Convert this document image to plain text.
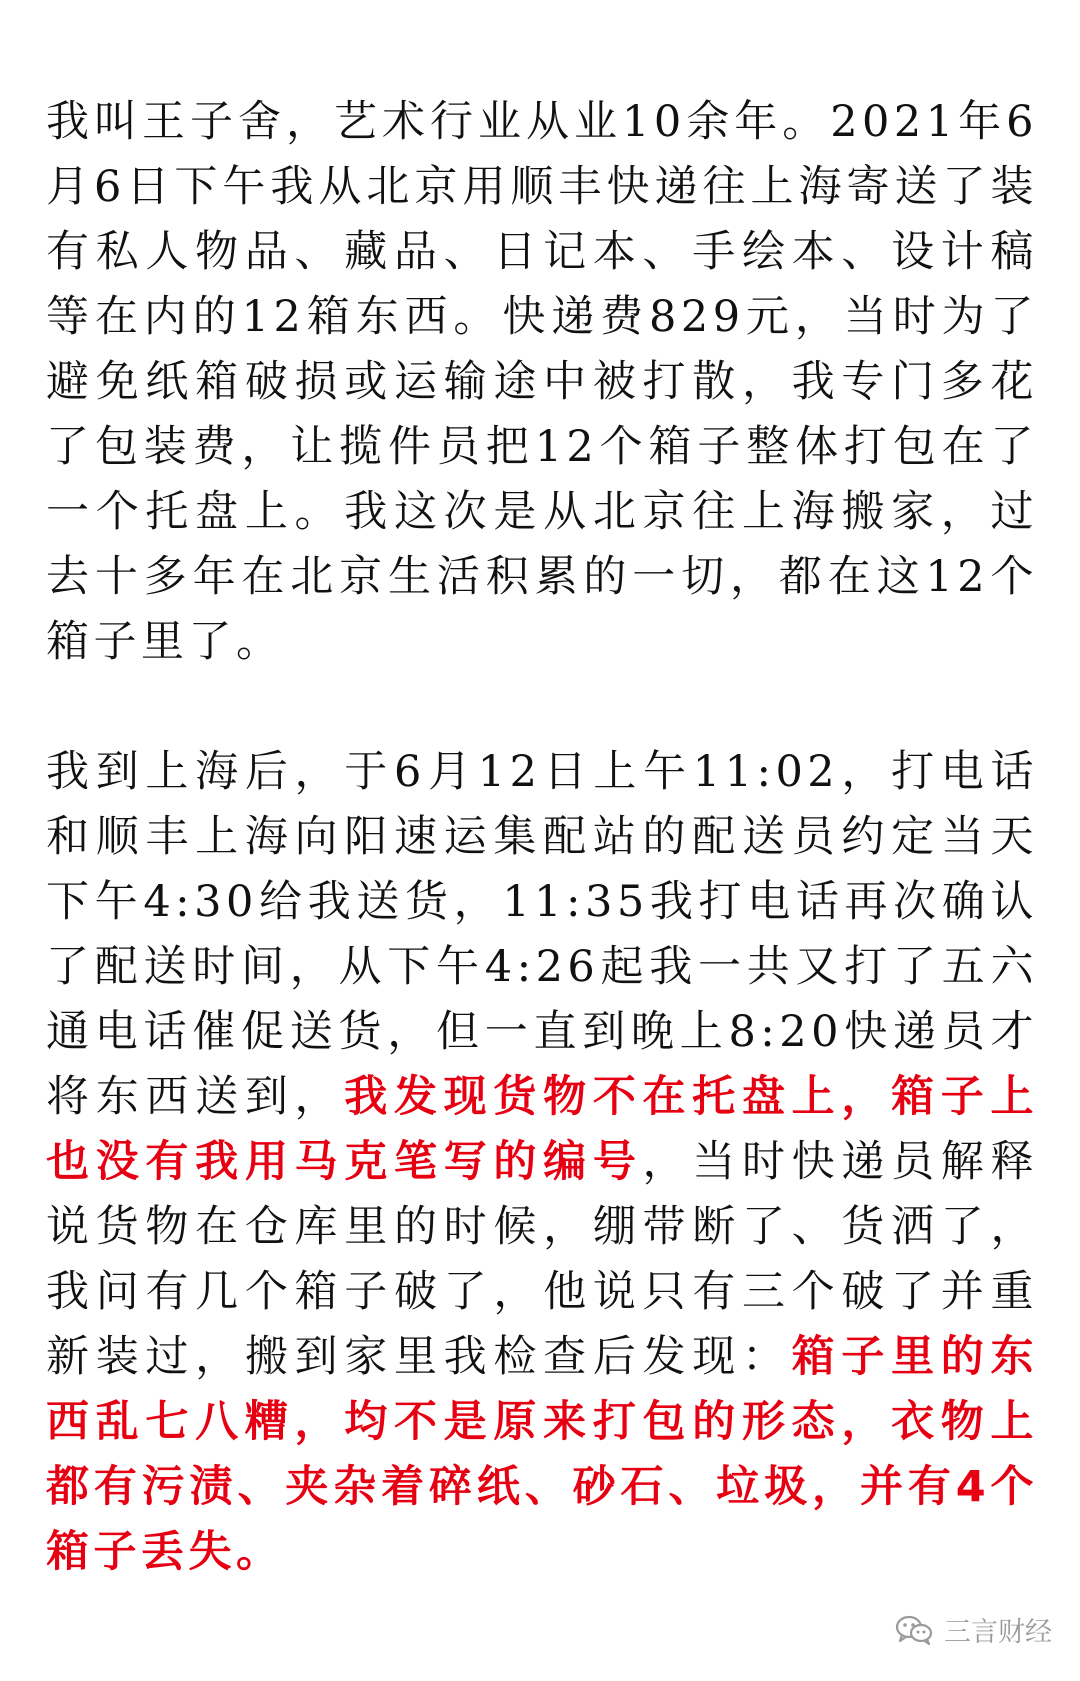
我叫王子舍，艺术行业从业10余年。2021年6月6日下午我从北京用顺丰快递往上海寄送了装有私人物品、藏品、日记本、手绘本、设计稿等在内的12箱东西。快递费829元，当时为了避免纸箱破损或运输途中被打散，我专门多花了包装费，让揽件员把12个箱子整体打包在了一个托盘上。我这次是从北京往上海搬家，过去十多年在北京生活积累的一切，都在这12个箱子里了。

我到上海后，于6月12日上午11:02，打电话和顺丰上海向阳速运集配站的配送员约定当天下午4:30给我送货，11:35我打电话再次确认了配送时间，从下午4:26起我一共又打了五六通电话催促送货，但一直到晚上8:20快递员才将东西送到，我发现货物不在托盘上，箱子上也没有我用马克笔写的编号，当时快递员解释说货物在仓库里的时候，绷带断了、货洒了，我问有几个箱子破了，他说只有三个破了并重新装过，搬到家里我检查后发现：箱子里的东西乱七八糟，均不是原来打包的形态，衣物上都有污渍、夹杂着碎纸、砂石、垃圾，并有4个箱子丢失。

三言财经
